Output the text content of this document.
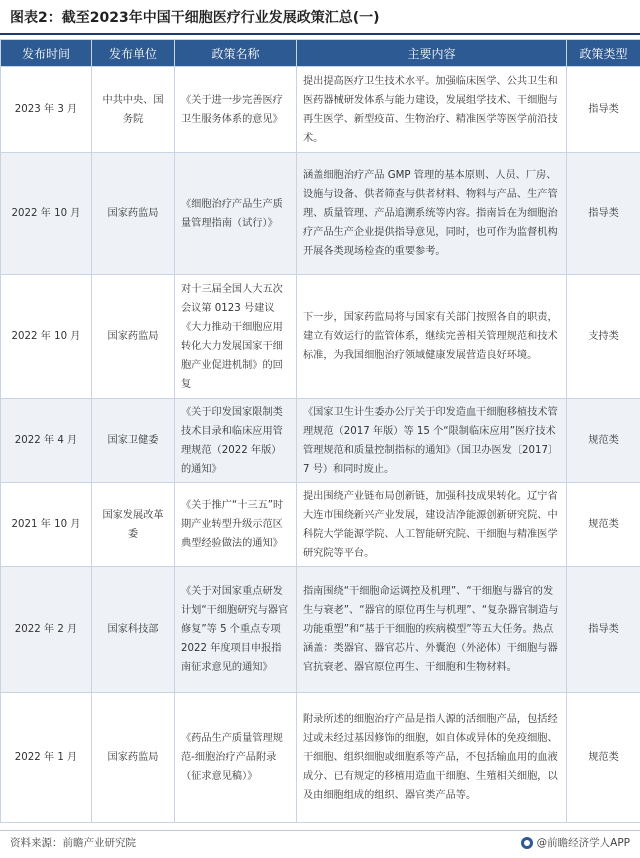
图表2：截至2023年中国干细胞医疗行业发展政策汇总(一)
发布时间	发布单位	政策名称	主要内容	政策类型
2023 年 3 月	中共中央、国务院	《关于进一步完善医疗卫生服务体系的意见》	提出提高医疗卫生技术水平。加强临床医学、公共卫生和医药器械研发体系与能力建设，发展组学技术、干细胞与再生医学、新型疫苗、生物治疗、精准医学等医学前沿技术。	指导类
2022 年 10 月	国家药监局	《细胞治疗产品生产质量管理指南（试行）》	涵盖细胞治疗产品 GMP 管理的基本原则、人员、厂房、设施与设备、供者筛查与供者材料、物料与产品、生产管理、质量管理、产品追溯系统等内容。指南旨在为细胞治疗产品生产企业提供指导意见，同时，也可作为监督机构开展各类现场检查的重要参考。	指导类
2022 年 10 月	国家药监局	对十三届全国人大五次会议第 0123 号建议《大力推动干细胞应用转化大力发展国家干细胞产业促进机制》的回复	下一步，国家药监局将与国家有关部门按照各自的职责，建立有效运行的监管体系，继续完善相关管理规范和技术标准，为我国细胞治疗领域健康发展营造良好环境。	支持类
2022 年 4 月	国家卫健委	《关于印发国家限制类技术目录和临床应用管理规范（2022 年版）的通知》	《国家卫生计生委办公厅关于印发造血干细胞移植技术管理规范（2017 年版）等 15 个“限制临床应用”医疗技术管理规范和质量控制指标的通知》（国卫办医发〔2017〕7 号）和同时废止。	规范类
2021 年 10 月	国家发展改革委	《关于推广“十三五”时期产业转型升级示范区典型经验做法的通知》	提出围绕产业链布局创新链，加强科技成果转化。辽宁省大连市围绕新兴产业发展，建设洁净能源创新研究院、中科院大学能源学院、人工智能研究院、干细胞与精准医学研究院等平台。	规范类
2022 年 2 月	国家科技部	《关于对国家重点研发计划“干细胞研究与器官修复”等 5 个重点专项 2022 年度项目申报指南征求意见的通知》	指南围绕“干细胞命运调控及机理”、“干细胞与器官的发生与衰老”、“器官的原位再生与机理”、“复杂器官制造与功能重塑”和“基于干细胞的疾病模型”等五大任务。热点涵盖：类器官、器官芯片、外囊泡（外泌体）干细胞与器官抗衰老、器官原位再生、干细胞和生物材料。	指导类
2022 年 1 月	国家药监局	《药品生产质量管理规范-细胞治疗产品附录（征求意见稿）》	附录所述的细胞治疗产品是指人源的活细胞产品，包括经过或未经过基因修饰的细胞，如自体或异体的免疫细胞、干细胞、组织细胞或细胞系等产品，不包括输血用的血液成分、已有规定的移植用造血干细胞、生殖相关细胞，以及由细胞组成的组织、器官类产品等。	规范类
资料来源：前瞻产业研究院	@前瞻经济学人APP
